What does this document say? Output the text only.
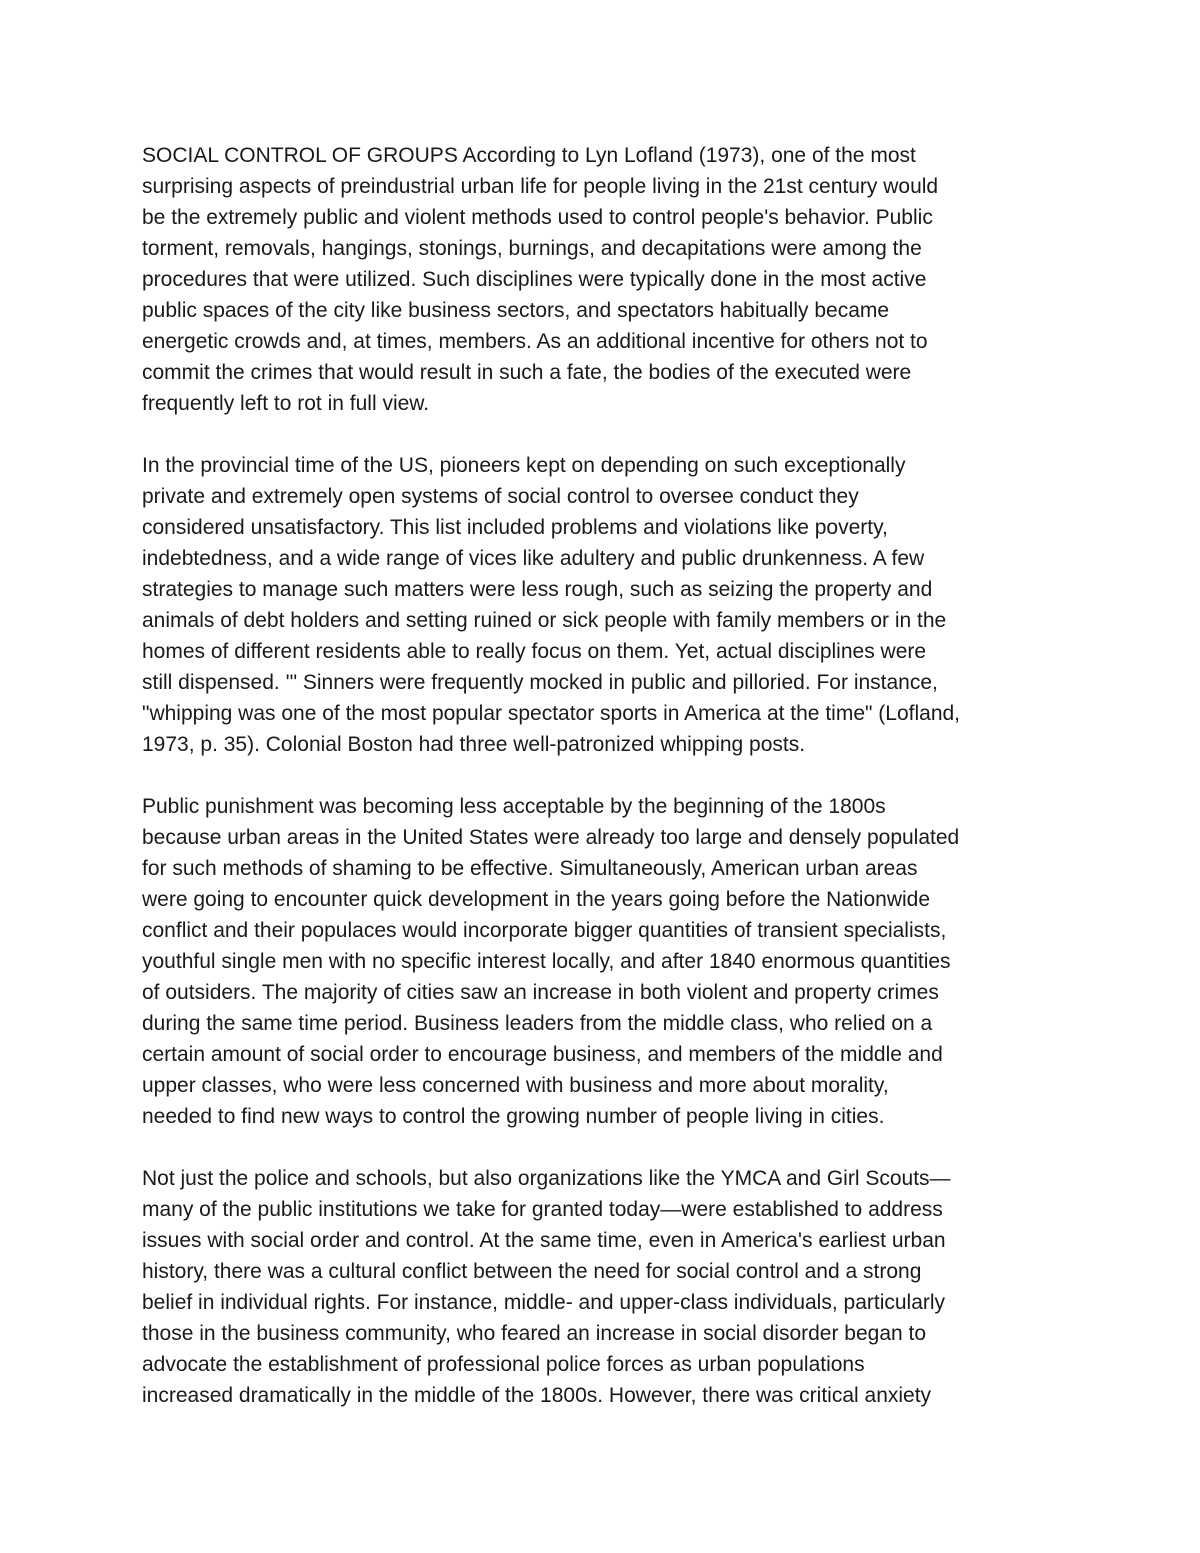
SOCIAL CONTROL OF GROUPS According to Lyn Lofland (1973), one of the most
surprising aspects of preindustrial urban life for people living in the 21st century would
be the extremely public and violent methods used to control people's behavior. Public
torment, removals, hangings, stonings, burnings, and decapitations were among the
procedures that were utilized. Such disciplines were typically done in the most active
public spaces of the city like business sectors, and spectators habitually became
energetic crowds and, at times, members. As an additional incentive for others not to
commit the crimes that would result in such a fate, the bodies of the executed were
frequently left to rot in full view.

In the provincial time of the US, pioneers kept on depending on such exceptionally
private and extremely open systems of social control to oversee conduct they
considered unsatisfactory. This list included problems and violations like poverty,
indebtedness, and a wide range of vices like adultery and public drunkenness. A few
strategies to manage such matters were less rough, such as seizing the property and
animals of debt holders and setting ruined or sick people with family members or in the
homes of different residents able to really focus on them. Yet, actual disciplines were
still dispensed. '" Sinners were frequently mocked in public and pilloried. For instance,
"whipping was one of the most popular spectator sports in America at the time" (Lofland,
1973, p. 35). Colonial Boston had three well-patronized whipping posts.

Public punishment was becoming less acceptable by the beginning of the 1800s
because urban areas in the United States were already too large and densely populated
for such methods of shaming to be effective. Simultaneously, American urban areas
were going to encounter quick development in the years going before the Nationwide
conflict and their populaces would incorporate bigger quantities of transient specialists,
youthful single men with no specific interest locally, and after 1840 enormous quantities
of outsiders. The majority of cities saw an increase in both violent and property crimes
during the same time period. Business leaders from the middle class, who relied on a
certain amount of social order to encourage business, and members of the middle and
upper classes, who were less concerned with business and more about morality,
needed to find new ways to control the growing number of people living in cities.

Not just the police and schools, but also organizations like the YMCA and Girl Scouts—
many of the public institutions we take for granted today—were established to address
issues with social order and control. At the same time, even in America's earliest urban
history, there was a cultural conflict between the need for social control and a strong
belief in individual rights. For instance, middle- and upper-class individuals, particularly
those in the business community, who feared an increase in social disorder began to
advocate the establishment of professional police forces as urban populations
increased dramatically in the middle of the 1800s. However, there was critical anxiety
